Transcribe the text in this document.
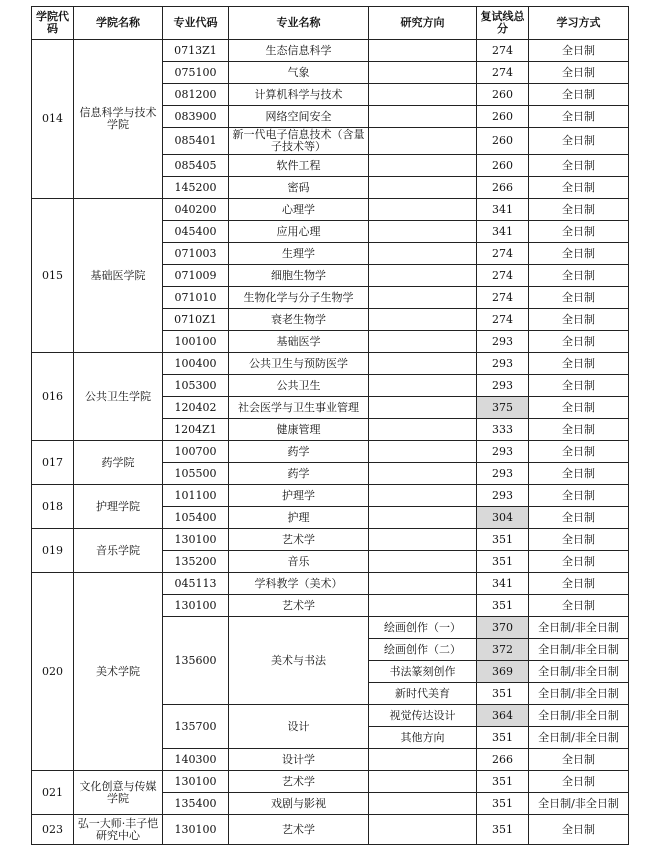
学院代码	学院名称	专业代码	专业名称	研究方向	复试线总分	学习方式
014	信息科学与技术学院	0713Z1	生态信息科学		274	全日制
		075100	气象		274	全日制
		081200	计算机科学与技术		260	全日制
		083900	网络空间安全		260	全日制
		085401	新一代电子信息技术（含量子技术等）		260	全日制
		085405	软件工程		260	全日制
		145200	密码		266	全日制
015	基础医学院	040200	心理学		341	全日制
		045400	应用心理		341	全日制
		071003	生理学		274	全日制
		071009	细胞生物学		274	全日制
		071010	生物化学与分子生物学		274	全日制
		0710Z1	衰老生物学		274	全日制
		100100	基础医学		293	全日制
016	公共卫生学院	100400	公共卫生与预防医学		293	全日制
		105300	公共卫生		293	全日制
		120402	社会医学与卫生事业管理		375	全日制
		1204Z1	健康管理		333	全日制
017	药学院	100700	药学		293	全日制
		105500	药学		293	全日制
018	护理学院	101100	护理学		293	全日制
		105400	护理		304	全日制
019	音乐学院	130100	艺术学		351	全日制
		135200	音乐		351	全日制
020	美术学院	045113	学科教学（美术）		341	全日制
		130100	艺术学		351	全日制
		135600	美术与书法	绘画创作（一）	370	全日制/非全日制
				绘画创作（二）	372	全日制/非全日制
				书法篆刻创作	369	全日制/非全日制
				新时代美育	351	全日制/非全日制
		135700	设计	视觉传达设计	364	全日制/非全日制
				其他方向	351	全日制/非全日制
		140300	设计学		266	全日制
021	文化创意与传媒学院	130100	艺术学		351	全日制
		135400	戏剧与影视		351	全日制/非全日制
023	弘一大师·丰子恺研究中心	130100	艺术学		351	全日制
